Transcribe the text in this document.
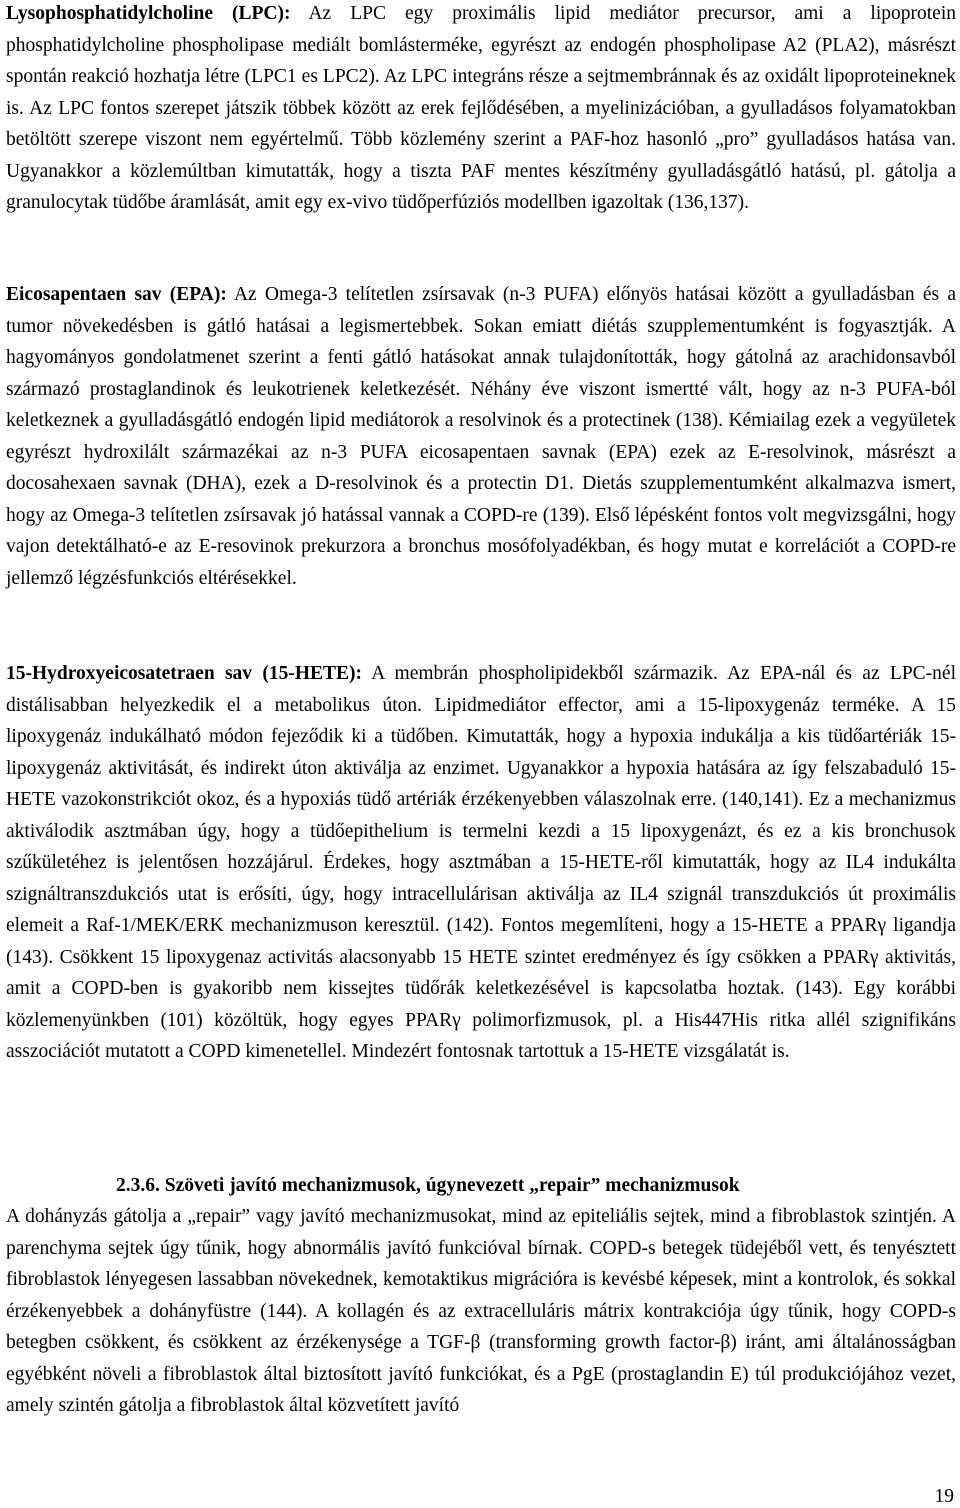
Lysophosphatidylcholine (LPC): Az LPC egy proximális lipid mediátor precursor, ami a lipoprotein phosphatidylcholine phospholipase mediált bomlásterméke, egyrészt az endogén phospholipase A2 (PLA2), másrészt spontán reakció hozhatja létre (LPC1 es LPC2). Az LPC integráns része a sejtmembránnak és az oxidált lipoproteineknek is. Az LPC fontos szerepet játszik többek között az erek fejlődésében, a myelinizációban, a gyulladásos folyamatokban betöltött szerepe viszont nem egyértelmű. Több közlemény szerint a PAF-hoz hasonló „pro” gyulladásos hatása van. Ugyanakkor a közlemúltban kimutatták, hogy a tiszta PAF mentes készítmény gyulladásgátló hatású, pl. gátolja a granulocytak tüdőbe áramlását, amit egy ex-vivo tüdőperfúziós modellben igazoltak (136,137).

Eicosapentaen sav (EPA): Az Omega-3 telítetlen zsírsavak (n-3 PUFA) előnyös hatásai között a gyulladásban és a tumor növekedésben is gátló hatásai a legismertebbek. Sokan emiatt diétás szupplementumként is fogyasztják. A hagyományos gondolatmenet szerint a fenti gátló hatásokat annak tulajdonították, hogy gátolná az arachidonsavból származó prostaglandinok és leukotrienek keletkezését. Néhány éve viszont ismertté vált, hogy az n-3 PUFA-ból keletkeznek a gyulladásgátló endogén lipid mediátorok a resolvinok és a protectinek (138). Kémiailag ezek a vegyületek egyrészt hydroxilált származékai az n-3 PUFA eicosapentaen savnak (EPA) ezek az E-resolvinok, másrészt a docosahexaen savnak (DHA), ezek a D-resolvinok és a protectin D1. Dietás szupplementumként alkalmazva ismert, hogy az Omega-3 telítetlen zsírsavak jó hatással vannak a COPD-re (139). Első lépésként fontos volt megvizsgálni, hogy vajon detektálható-e az E-resovinok prekurzora a bronchus mosófolyadékban, és hogy mutat e korrelációt a COPD-re jellemző légzésfunkciós eltérésekkel.

15-Hydroxyeicosatetraen sav (15-HETE): A membrán phospholipidekből származik. Az EPA-nál és az LPC-nél distálisabban helyezkedik el a metabolikus úton. Lipidmediátor effector, ami a 15-lipoxygenáz terméke. A 15 lipoxygenáz indukálható módon fejeződik ki a tüdőben. Kimutatták, hogy a hypoxia indukálja a kis tüdőartériák 15-lipoxygenáz aktivitását, és indirekt úton aktiválja az enzimet. Ugyanakkor a hypoxia hatására az így felszabaduló 15-HETE vazokonstrikciót okoz, és a hypoxiás tüdő artériák érzékenyebben válaszolnak erre. (140,141). Ez a mechanizmus aktiválodik asztmában úgy, hogy a tüdőepithelium is termelni kezdi a 15 lipoxygenázt, és ez a kis bronchusok szűkületéhez is jelentősen hozzájárul. Érdekes, hogy asztmában a 15-HETE-ről kimutatták, hogy az IL4 indukálta szignáltranszdukciós utat is erősíti, úgy, hogy intracellulárisan aktiválja az IL4 szignál transzdukciós út proximális elemeit a Raf-1/MEK/ERK mechanizmuson keresztül. (142). Fontos megemlíteni, hogy a 15-HETE a PPARγ ligandja (143). Csökkent 15 lipoxygenaz activitás alacsonyabb 15 HETE szintet eredményez és így csökken a PPARγ aktivitás, amit a COPD-ben is gyakoribb nem kissejtes tüdőrák keletkezésével is kapcsolatba hoztak. (143). Egy korábbi közlemenyünkben (101) közöltük, hogy egyes PPARγ polimorfizmusok, pl. a His447His ritka allél szignifikáns asszociációt mutatott a COPD kimenetellel. Mindezért fontosnak tartottuk a 15-HETE vizsgálatát is.

2.3.6. Szöveti javító mechanizmusok, úgynevezett „repair” mechanizmusok

A dohányzás gátolja a „repair” vagy javító mechanizmusokat, mind az epiteliális sejtek, mind a fibroblastok szintjén. A parenchyma sejtek úgy tűnik, hogy abnormális javító funkcióval bírnak. COPD-s betegek tüdejéből vett, és tenyésztett fibroblastok lényegesen lassabban növekednek, kemotaktikus migrációra is kevésbé képesek, mint a kontrolok, és sokkal érzékenyebbek a dohányfüstre (144). A kollagén és az extracelluláris mátrix kontrakciója úgy tűnik, hogy COPD-s betegben csökkent, és csökkent az érzékenysége a TGF-β (transforming growth factor-β) iránt, ami általánosságban egyébként növeli a fibroblastok által biztosított javító funkciókat, és a PgE (prostaglandin E) túl produkciójához vezet, amely szintén gátolja a fibroblastok által közvetített javító

19
